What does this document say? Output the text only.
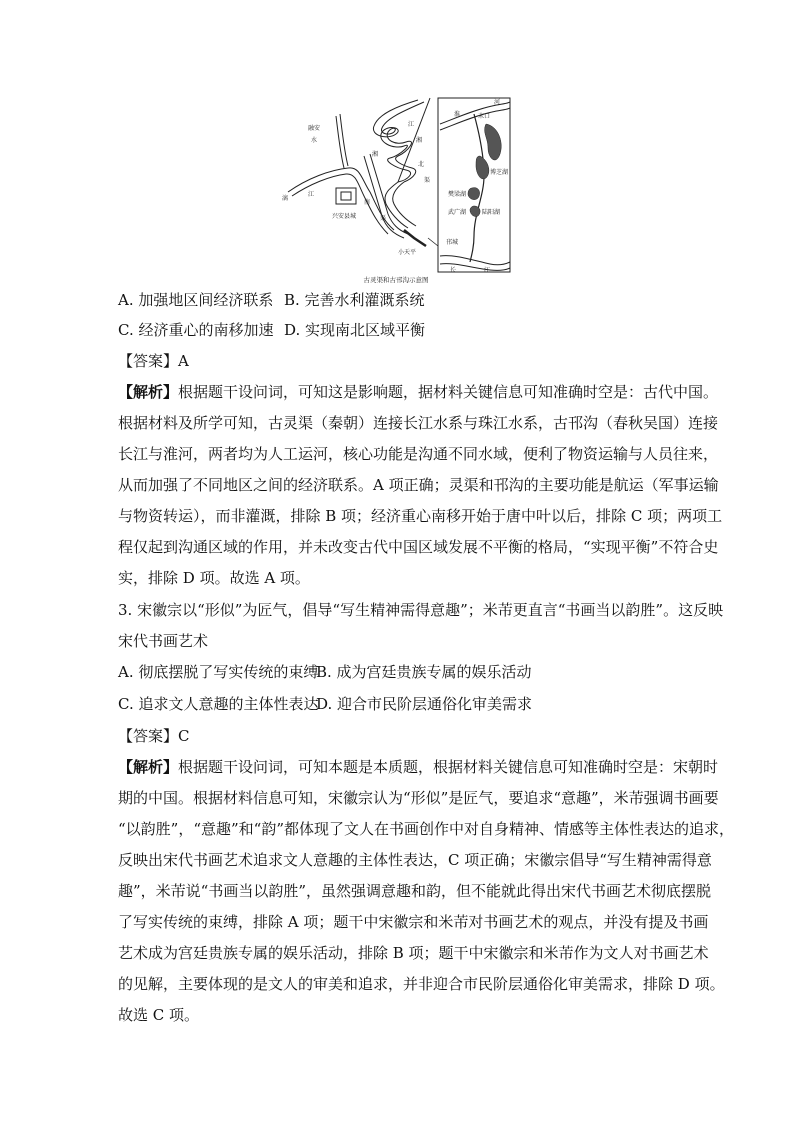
融安
水
漓
江
江
湘
湘
北
渠
南
渠
兴安县城
小天平
淮
河
末口
博芝湖
樊梁湖
武广湖	陆阳湖
邗城
长	江
古灵渠和古邗沟示意图
A. 加强地区间经济联系 B. 完善水利灌溉系统
C. 经济重心的南移加速 D. 实现南北区域平衡
【答案】A
【解析】根据题干设问词，可知这是影响题，据材料关键信息可知准确时空是：古代中国。
根据材料及所学可知，古灵渠（秦朝）连接长江水系与珠江水系，古邗沟（春秋吴国）连接
长江与淮河，两者均为人工运河，核心功能是沟通不同水域，便利了物资运输与人员往来，
从而加强了不同地区之间的经济联系。A 项正确；灵渠和邗沟的主要功能是航运（军事运输
与物资转运），而非灌溉，排除 B 项；经济重心南移开始于唐中叶以后，排除 C 项；两项工
程仅起到沟通区域的作用，并未改变古代中国区域发展不平衡的格局，“实现平衡”不符合史
实，排除 D 项。故选 A 项。
3. 宋徽宗以“形似”为匠气，倡导“写生精神需得意趣”；米芾更直言“书画当以韵胜”。这反映
宋代书画艺术
A. 彻底摆脱了写实传统的束缚B. 成为宫廷贵族专属的娱乐活动
C. 追求文人意趣的主体性表达D. 迎合市民阶层通俗化审美需求
【答案】C
【解析】根据题干设问词，可知本题是本质题，根据材料关键信息可知准确时空是：宋朝时
期的中国。根据材料信息可知，宋徽宗认为“形似”是匠气，要追求“意趣”，米芾强调书画要
“以韵胜”，“意趣”和“韵”都体现了文人在书画创作中对自身精神、情感等主体性表达的追求，
反映出宋代书画艺术追求文人意趣的主体性表达，C 项正确；宋徽宗倡导“写生精神需得意
趣”，米芾说“书画当以韵胜”，虽然强调意趣和韵，但不能就此得出宋代书画艺术彻底摆脱
了写实传统的束缚，排除 A 项；题干中宋徽宗和米芾对书画艺术的观点，并没有提及书画
艺术成为宫廷贵族专属的娱乐活动，排除 B 项；题干中宋徽宗和米芾作为文人对书画艺术
的见解，主要体现的是文人的审美和追求，并非迎合市民阶层通俗化审美需求，排除 D 项。
故选 C 项。
